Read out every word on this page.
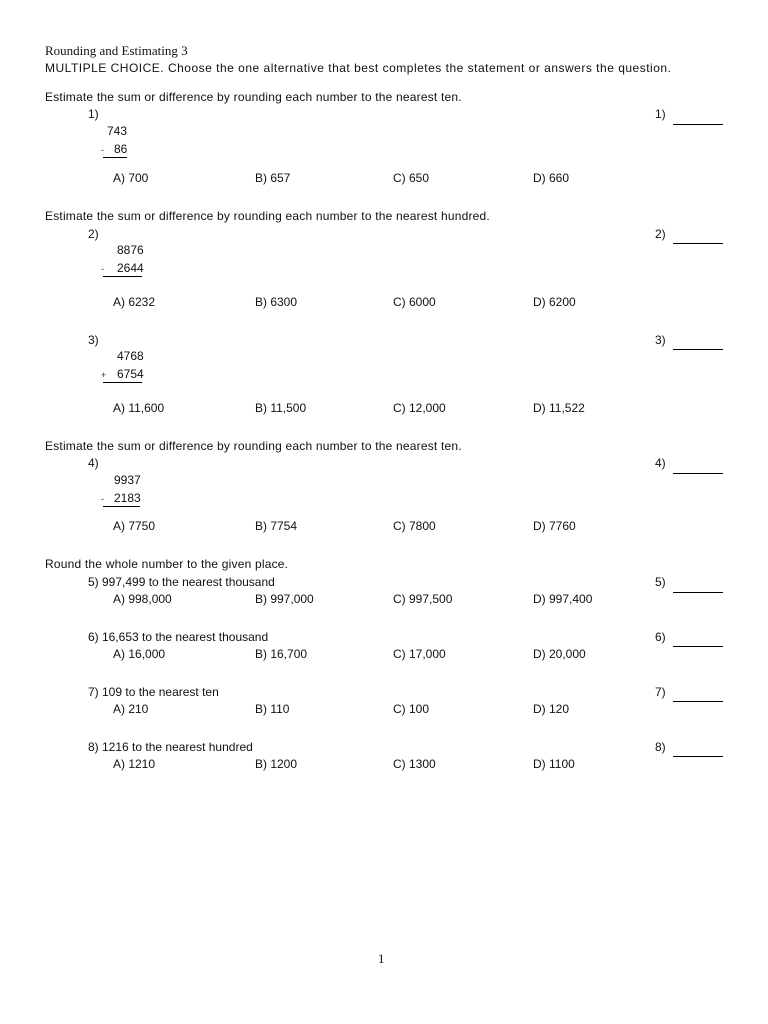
Rounding and Estimating 3
MULTIPLE CHOICE. Choose the one alternative that best completes the statement or answers the question.
Estimate the sum or difference by rounding each number to the nearest ten.
1)	1)
743
- 86
A) 700	B) 657	C) 650	D) 660
Estimate the sum or difference by rounding each number to the nearest hundred.
2)	2)
8876
- 2644
A) 6232	B) 6300	C) 6000	D) 6200
3)	3)
4768
+ 6754
A) 11,600	B) 11,500	C) 12,000	D) 11,522
Estimate the sum or difference by rounding each number to the nearest ten.
4)	4)
9937
- 2183
A) 7750	B) 7754	C) 7800	D) 7760
Round the whole number to the given place.
5) 997,499 to the nearest thousand	5)
A) 998,000	B) 997,000	C) 997,500	D) 997,400
6) 16,653 to the nearest thousand	6)
A) 16,000	B) 16,700	C) 17,000	D) 20,000
7) 109 to the nearest ten	7)
A) 210	B) 110	C) 100	D) 120
8) 1216 to the nearest hundred	8)
A) 1210	B) 1200	C) 1300	D) 1100
1
